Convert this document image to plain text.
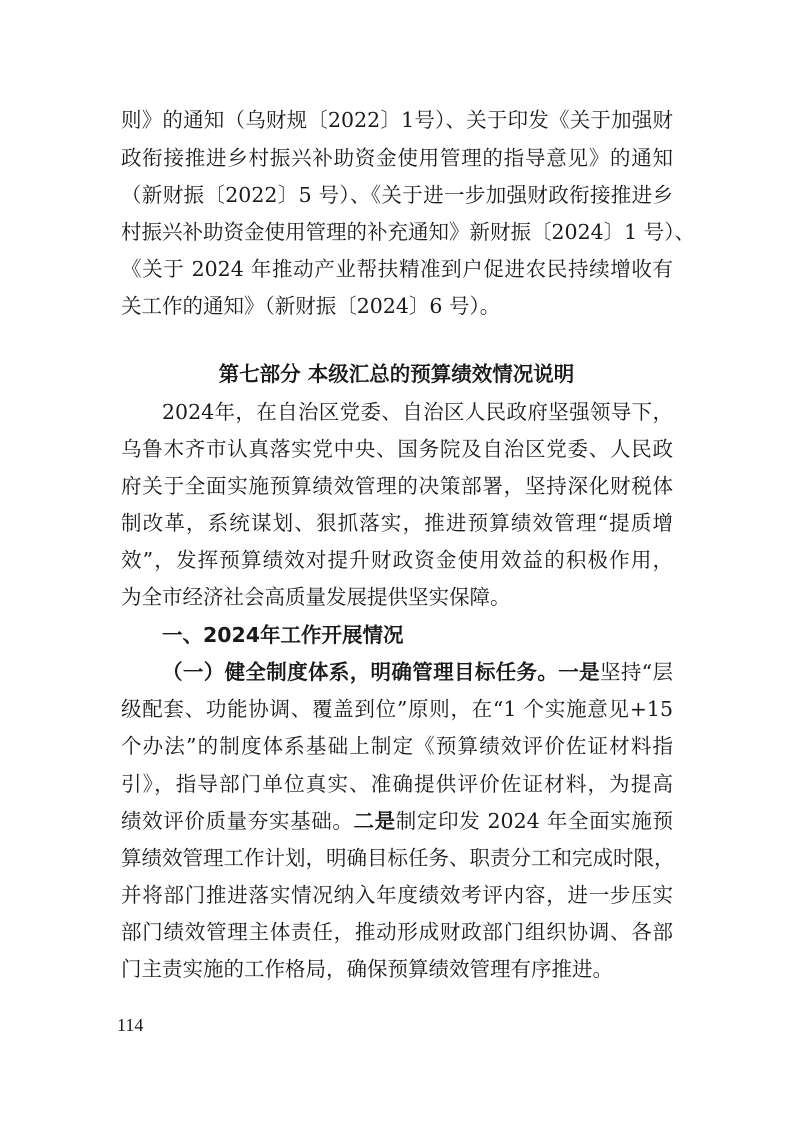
则》的通知（乌财规〔2022〕1号）、关于印发《关于加强财
政衔接推进乡村振兴补助资金使用管理的指导意见》的通知
（新财振〔2022〕5 号）、《关于进一步加强财政衔接推进乡
村振兴补助资金使用管理的补充通知》新财振〔2024〕1 号）、
《关于 2024 年推动产业帮扶精准到户促进农民持续增收有
关工作的通知》（新财振〔2024〕6 号）。
第七部分 本级汇总的预算绩效情况说明
2024年，在自治区党委、自治区人民政府坚强领导下，
乌鲁木齐市认真落实党中央、国务院及自治区党委、人民政
府关于全面实施预算绩效管理的决策部署，坚持深化财税体
制改革，系统谋划、狠抓落实，推进预算绩效管理“提质增
效”，发挥预算绩效对提升财政资金使用效益的积极作用，
为全市经济社会高质量发展提供坚实保障。
一、2024年工作开展情况
（一）健全制度体系，明确管理目标任务。一是坚持“层
级配套、功能协调、覆盖到位”原则，在“1 个实施意见+15
个办法”的制度体系基础上制定《预算绩效评价佐证材料指
引》，指导部门单位真实、准确提供评价佐证材料，为提高
绩效评价质量夯实基础。二是制定印发 2024 年全面实施预
算绩效管理工作计划，明确目标任务、职责分工和完成时限，
并将部门推进落实情况纳入年度绩效考评内容，进一步压实
部门绩效管理主体责任，推动形成财政部门组织协调、各部
门主责实施的工作格局，确保预算绩效管理有序推进。
114
